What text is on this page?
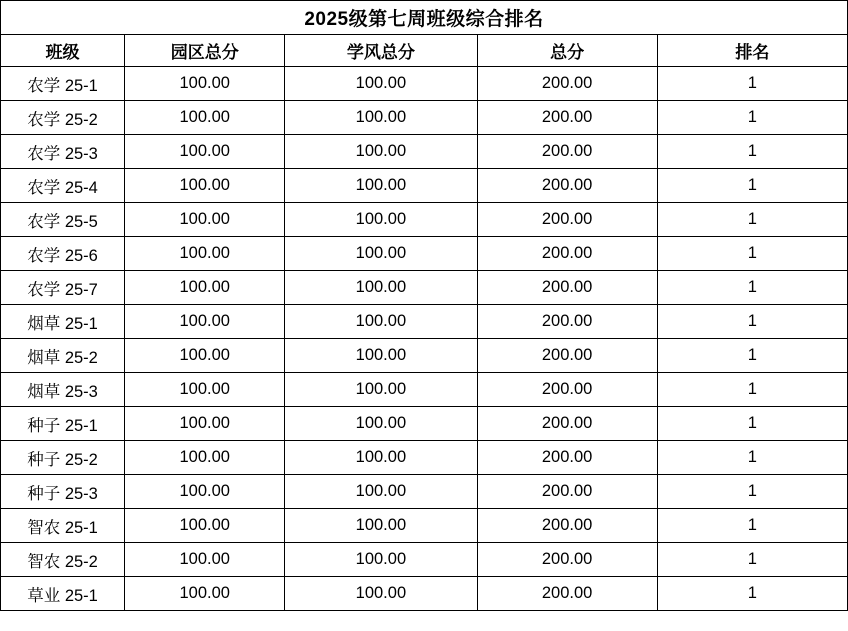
2025级第七周班级综合排名				
班级	园区总分	学风总分	总分	排名
农学 25-1	100.00	100.00	200.00	1
农学 25-2	100.00	100.00	200.00	1
农学 25-3	100.00	100.00	200.00	1
农学 25-4	100.00	100.00	200.00	1
农学 25-5	100.00	100.00	200.00	1
农学 25-6	100.00	100.00	200.00	1
农学 25-7	100.00	100.00	200.00	1
烟草 25-1	100.00	100.00	200.00	1
烟草 25-2	100.00	100.00	200.00	1
烟草 25-3	100.00	100.00	200.00	1
种子 25-1	100.00	100.00	200.00	1
种子 25-2	100.00	100.00	200.00	1
种子 25-3	100.00	100.00	200.00	1
智农 25-1	100.00	100.00	200.00	1
智农 25-2	100.00	100.00	200.00	1
草业 25-1	100.00	100.00	200.00	1
